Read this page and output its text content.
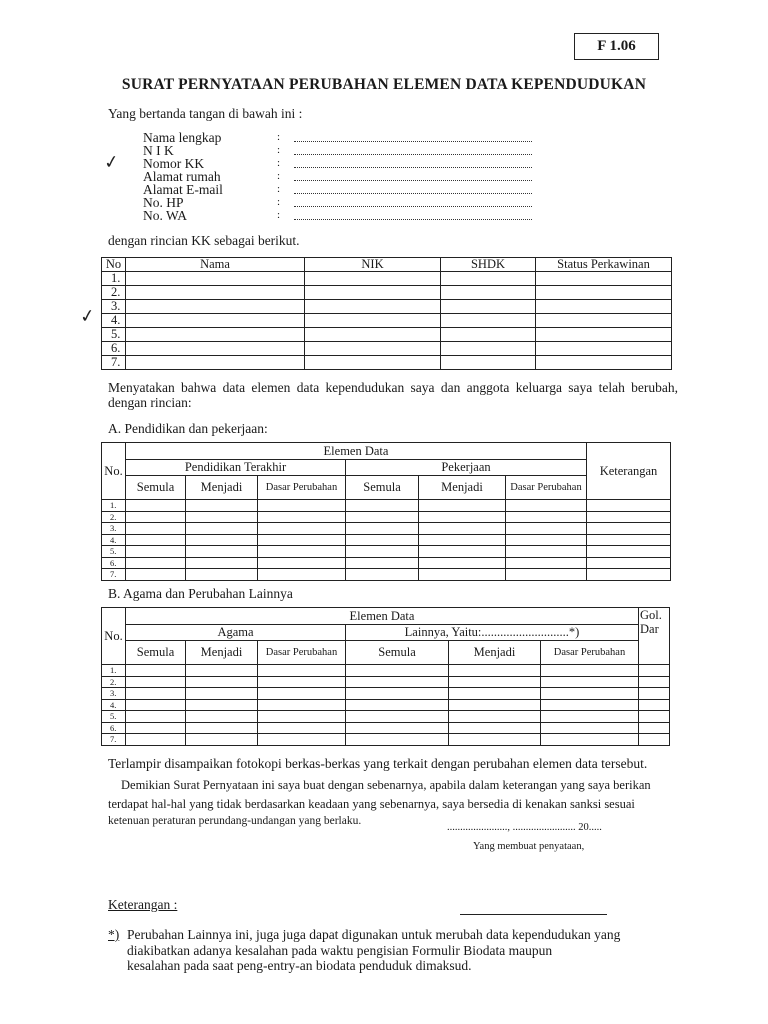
F 1.06
SURAT PERNYATAAN PERUBAHAN ELEMEN DATA KEPENDUDUKAN
Yang bertanda tangan di bawah ini :
Nama lengkap	:
N I K	:
Nomor KK	:
Alamat rumah	:
Alamat E-mail	:
No. HP	:
No. WA	:
✓
✓
dengan rincian KK sebagai berikut.
No	Nama	NIK	SHDK	Status Perkawinan
1.				
2.				
3.				
4.				
5.				
6.				
7.				
Menyatakan bahwa data elemen data kependudukan saya dan anggota keluarga saya telah berubah, dengan rincian:
A. Pendidikan dan pekerjaan:
No.	Elemen Data						Keterangan
	Pendidikan Terakhir			Pekerjaan			
	Semula	Menjadi	Dasar Perubahan	Semula	Menjadi	Dasar Perubahan	
1.							
2.							
3.							
4.							
5.							
6.							
7.							
B. Agama dan Perubahan Lainnya
No.	Elemen Data						Gol. Dar
	Agama			Lainnya, Yaitu:............................*)			
	Semula	Menjadi	Dasar Perubahan	Semula	Menjadi	Dasar Perubahan	
1.							
2.							
3.							
4.							
5.							
6.							
7.							
Terlampir disampaikan fotokopi berkas-berkas yang terkait dengan perubahan elemen data tersebut.
Demikian Surat Pernyataan ini saya buat dengan sebenarnya, apabila dalam keterangan yang saya berikan
terdapat hal-hal yang tidak berdasarkan keadaan yang sebenarnya, saya bersedia di kenakan sanksi sesuai
ketenuan peraturan perundang-undangan yang berlaku.
......................., ........................ 20.....
Yang membuat penyataan,
Keterangan :
*) Perubahan Lainnya ini, juga juga dapat digunakan untuk merubah data kependudukan yang
diakibatkan adanya kesalahan pada waktu pengisian Formulir Biodata maupun
kesalahan pada saat peng-entry-an biodata penduduk dimaksud.
